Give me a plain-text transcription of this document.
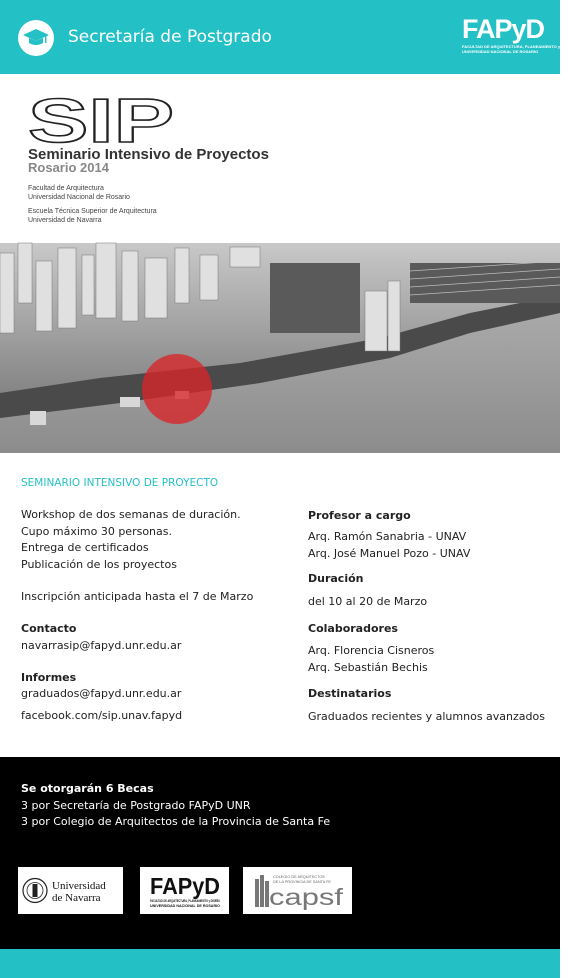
Secretaría de Postgrado	FAPyD
FACULTAD DE ARQUITECTURA, PLANEAMIENTO y DISEÑO
UNIVERSIDAD NACIONAL DE ROSARIO
SIP
Seminario Intensivo de Proyectos
Rosario 2014
Facultad de Arquitectura
Universidad Nacional de Rosario
Escuela Técnica Superior de Arquitectura
Universidad de Navarra
SEMINARIO INTENSIVO DE PROYECTO
Workshop de dos semanas de duración.
Cupo máximo 30 personas.
Entrega de certificados
Publicación de los proyectos
Inscripción anticipada hasta el 7 de Marzo
Contacto
navarrasip@fapyd.unr.edu.ar
Informes
graduados@fapyd.unr.edu.ar
facebook.com/sip.unav.fapyd
Profesor a cargo
Arq. Ramón Sanabria - UNAV
Arq. José Manuel Pozo - UNAV
Duración
del 10 al 20 de Marzo
Colaboradores
Arq. Florencia Cisneros
Arq. Sebastián Bechis
Destinatarios
Graduados recientes y alumnos avanzados
Se otorgarán 6 Becas
3 por Secretaría de Postgrado FAPyD UNR
3 por Colegio de Arquitectos de la Provincia de Santa Fe
Universidad
de Navarra FAPyD
FACULTAD DE ARQUITECTURA, PLANEAMIENTO y DISEÑO
UNIVERSIDAD NACIONAL DE ROSARIO
COLEGIO DE ARQUITECTOS
DE LA PROVINCIA DE SANTA FE
capsf
